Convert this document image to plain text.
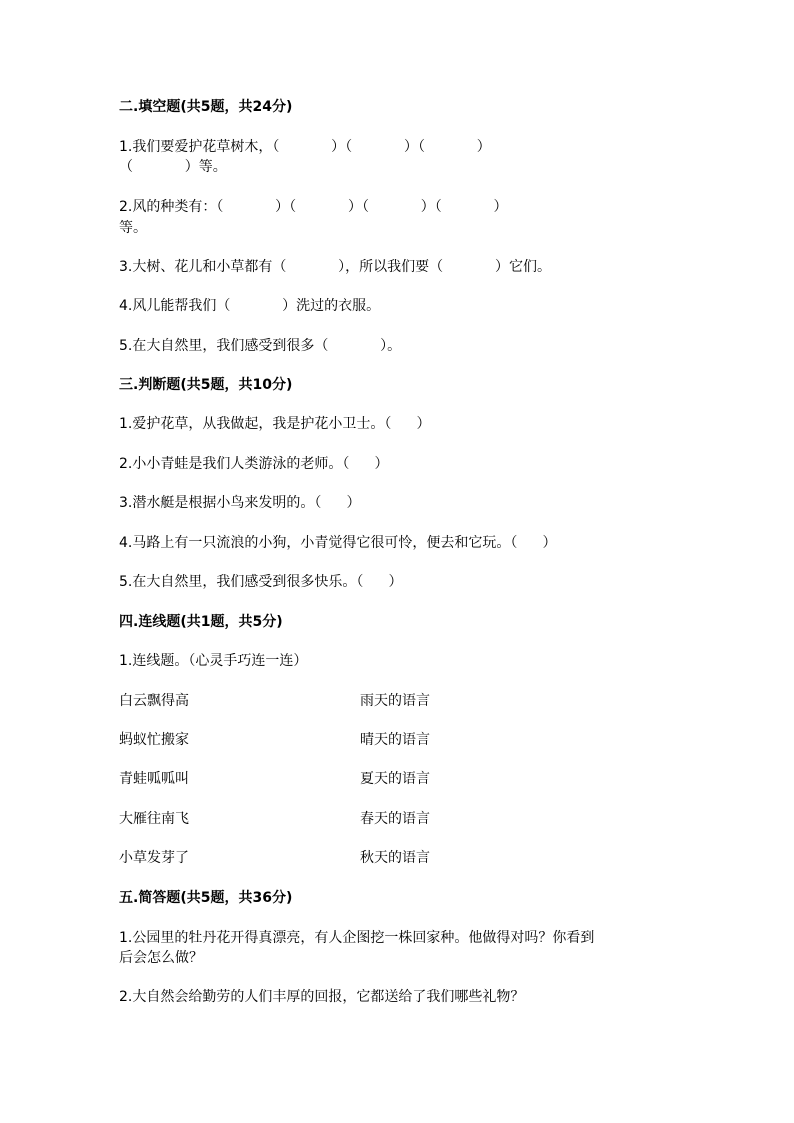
二.填空题(共5题，共24分)
1.我们要爱护花草树木，（	）（	）（	）
（	）等。
2.风的种类有：（	）（	）（	）（	）
等。
3.大树、花儿和小草都有（	），所以我们要（	）它们。
4.风儿能帮我们（	）洗过的衣服。
5.在大自然里，我们感受到很多（	）。
三.判断题(共5题，共10分)
1.爱护花草，从我做起，我是护花小卫士。（ ）
2.小小青蛙是我们人类游泳的老师。（ ）
3.潜水艇是根据小鸟来发明的。（ ）
4.马路上有一只流浪的小狗，小青觉得它很可怜，便去和它玩。（ ）
5.在大自然里，我们感受到很多快乐。（ ）
四.连线题(共1题，共5分)
1.连线题。（心灵手巧连一连）
白云飘得高	雨天的语言
蚂蚁忙搬家	晴天的语言
青蛙呱呱叫	夏天的语言
大雁往南飞	春天的语言
小草发芽了	秋天的语言
五.简答题(共5题，共36分)
1.公园里的牡丹花开得真漂亮，有人企图挖一株回家种。他做得对吗？你看到
后会怎么做？
2.大自然会给勤劳的人们丰厚的回报，它都送给了我们哪些礼物？
